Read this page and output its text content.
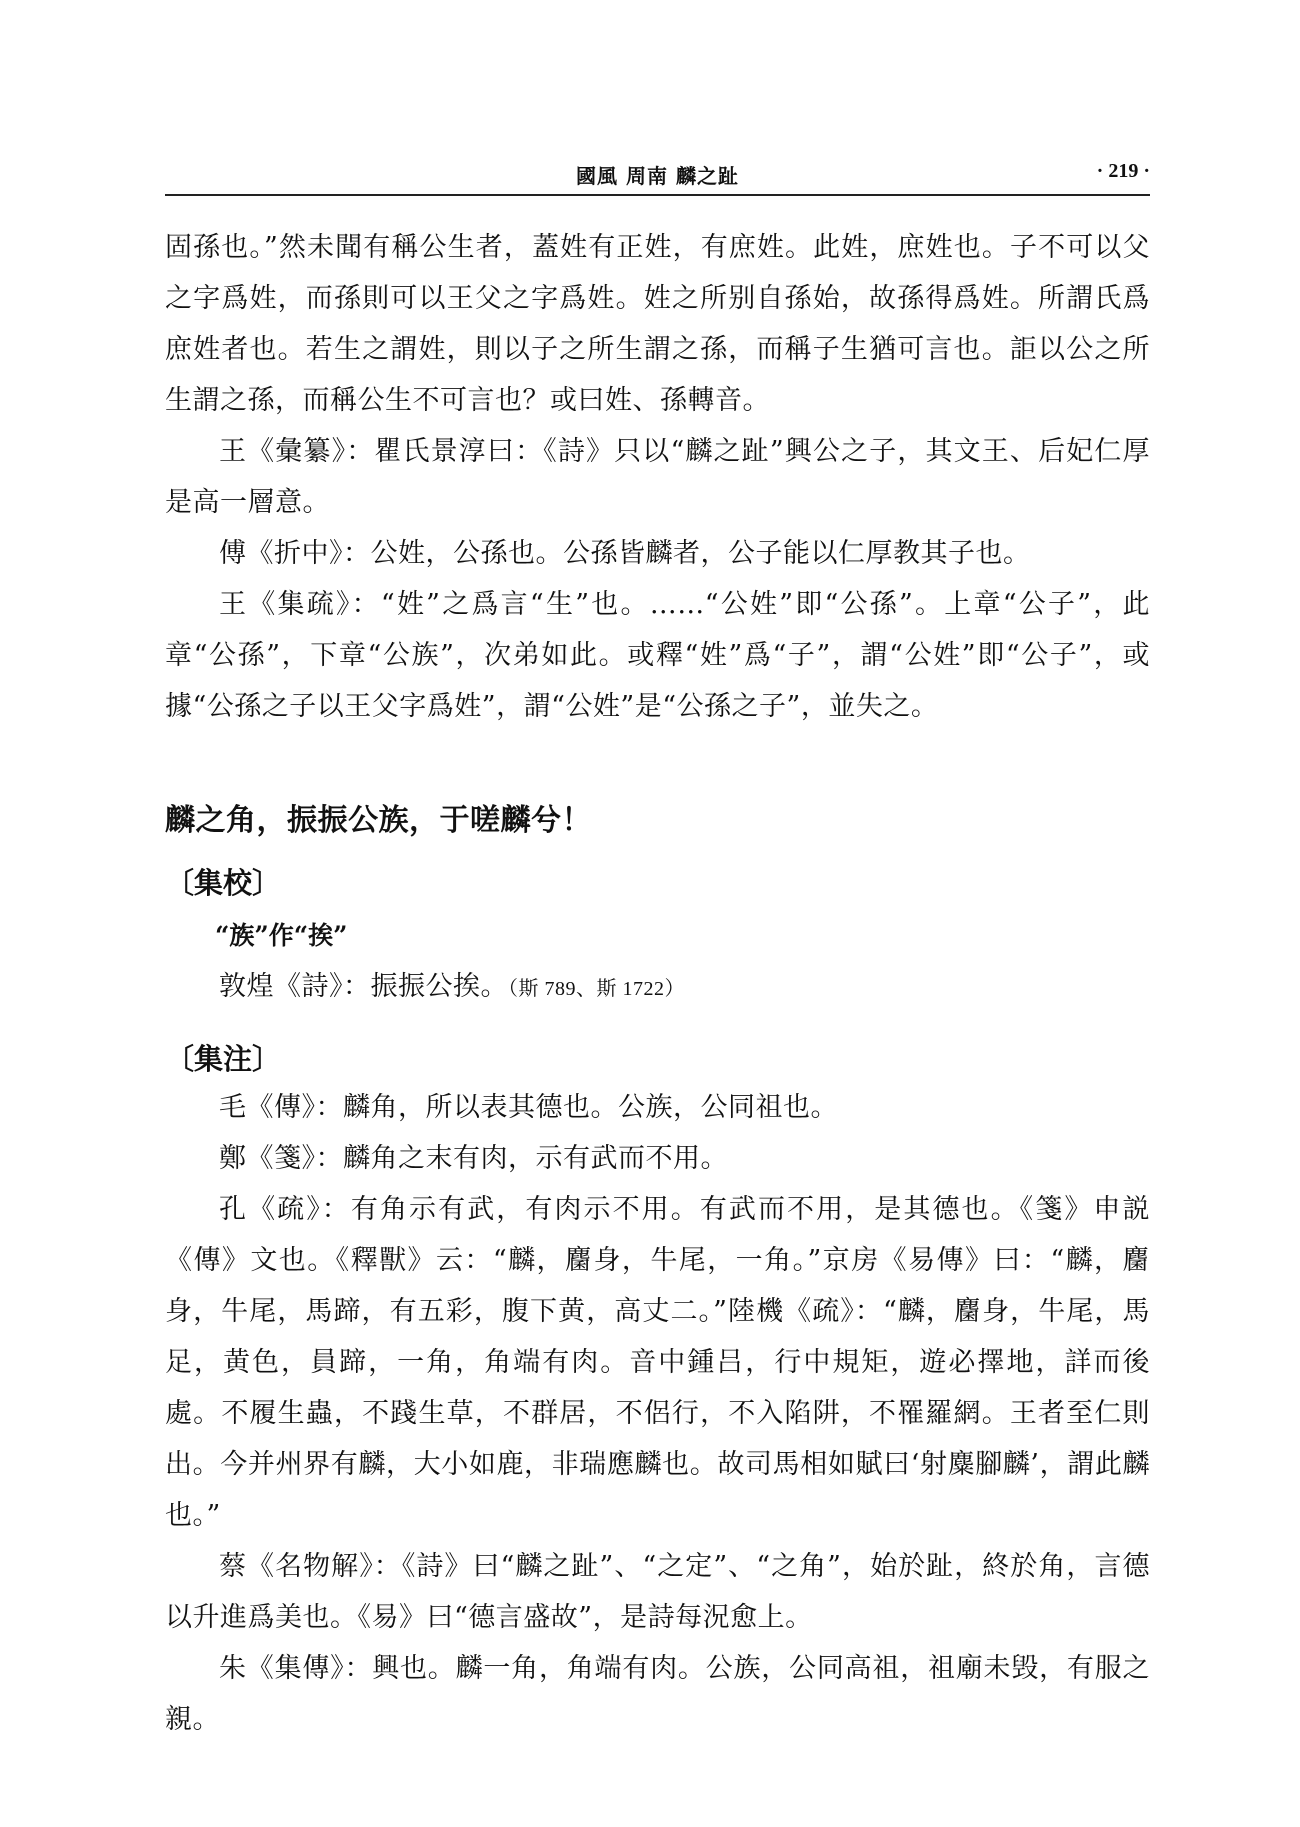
國風 周南 麟之趾	· 219 ·

固孫也。”然未聞有稱公生者，蓋姓有正姓，有庶姓。此姓，庶姓也。子不可以父之字爲姓，而孫則可以王父之字爲姓。姓之所别自孫始，故孫得爲姓。所謂氏爲庶姓者也。若生之謂姓，則以子之所生謂之孫，而稱子生猶可言也。詎以公之所生謂之孫，而稱公生不可言也？或曰姓、孫轉音。

王《彙纂》：瞿氏景淳曰：《詩》只以“麟之趾”興公之子，其文王、后妃仁厚是高一層意。

傅《折中》：公姓，公孫也。公孫皆麟者，公子能以仁厚教其子也。

王《集疏》：“姓”之爲言“生”也。……“公姓”即“公孫”。上章“公子”，此章“公孫”，下章“公族”，次弟如此。或釋“姓”爲“子”，謂“公姓”即“公子”，或據“公孫之子以王父字爲姓”，謂“公姓”是“公孫之子”，並失之。

麟之角，振振公族，于嗟麟兮！
〔集校〕
“族”作“挨”

敦煌《詩》：振振公挨。（斯 789、斯 1722）

〔集注〕

毛《傳》：麟角，所以表其德也。公族，公同祖也。

鄭《箋》：麟角之末有肉，示有武而不用。

孔《疏》：有角示有武，有肉示不用。有武而不用，是其德也。《箋》申説《傳》文也。《釋獸》云：“麟，麕身，牛尾，一角。”京房《易傳》曰：“麟，麕身，牛尾，馬蹄，有五彩，腹下黄，高丈二。”陸機《疏》：“麟，麕身，牛尾，馬足，黄色，員蹄，一角，角端有肉。音中鍾吕，行中規矩，遊必擇地，詳而後處。不履生蟲，不踐生草，不群居，不侶行，不入陷阱，不罹羅網。王者至仁則出。今并州界有麟，大小如鹿，非瑞應麟也。故司馬相如賦曰‘射麋腳麟’，謂此麟也。”

蔡《名物解》：《詩》曰“麟之趾”、“之定”、“之角”，始於趾，終於角，言德以升進爲美也。《易》曰“德言盛故”，是詩每況愈上。

朱《集傳》：興也。麟一角，角端有肉。公族，公同高祖，祖廟未毁，有服之親。
